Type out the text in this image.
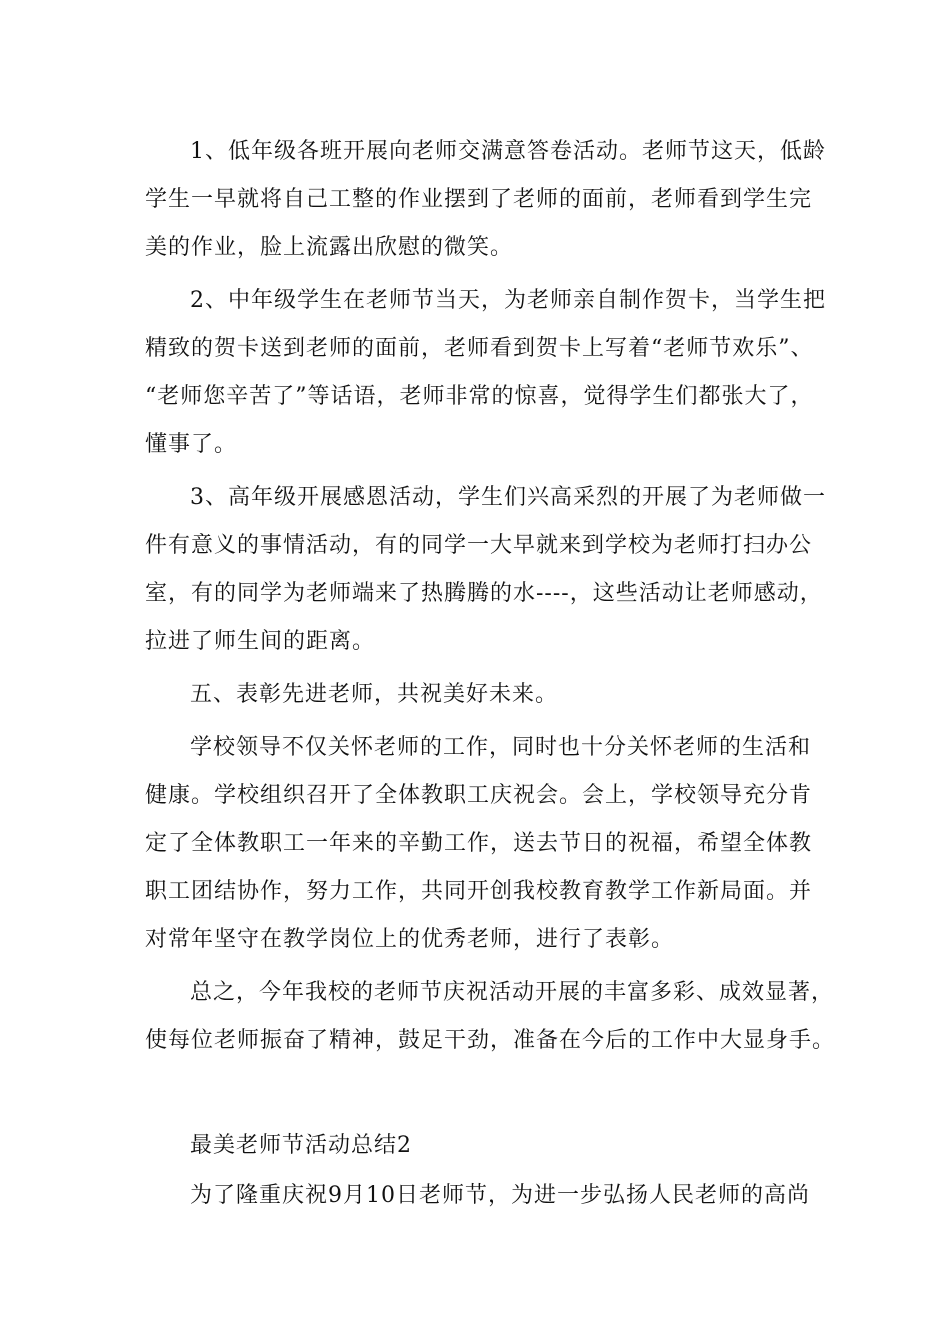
1、低年级各班开展向老师交满意答卷活动。老师节这天，低龄
学生一早就将自己工整的作业摆到了老师的面前，老师看到学生完
美的作业，脸上流露出欣慰的微笑。
2、中年级学生在老师节当天，为老师亲自制作贺卡，当学生把
精致的贺卡送到老师的面前，老师看到贺卡上写着“老师节欢乐”、
“老师您辛苦了”等话语，老师非常的惊喜，觉得学生们都张大了，
懂事了。
3、高年级开展感恩活动，学生们兴高采烈的开展了为老师做一
件有意义的事情活动，有的同学一大早就来到学校为老师打扫办公
室，有的同学为老师端来了热腾腾的水----，这些活动让老师感动，
拉进了师生间的距离。
五、表彰先进老师，共祝美好未来。
学校领导不仅关怀老师的工作，同时也十分关怀老师的生活和
健康。学校组织召开了全体教职工庆祝会。会上，学校领导充分肯
定了全体教职工一年来的辛勤工作，送去节日的祝福，希望全体教
职工团结协作，努力工作，共同开创我校教育教学工作新局面。并
对常年坚守在教学岗位上的优秀老师，进行了表彰。
总之，今年我校的老师节庆祝活动开展的丰富多彩、成效显著，
使每位老师振奋了精神，鼓足干劲，准备在今后的工作中大显身手。
最美老师节活动总结2
为了隆重庆祝9月10日老师节，为进一步弘扬人民老师的高尚
